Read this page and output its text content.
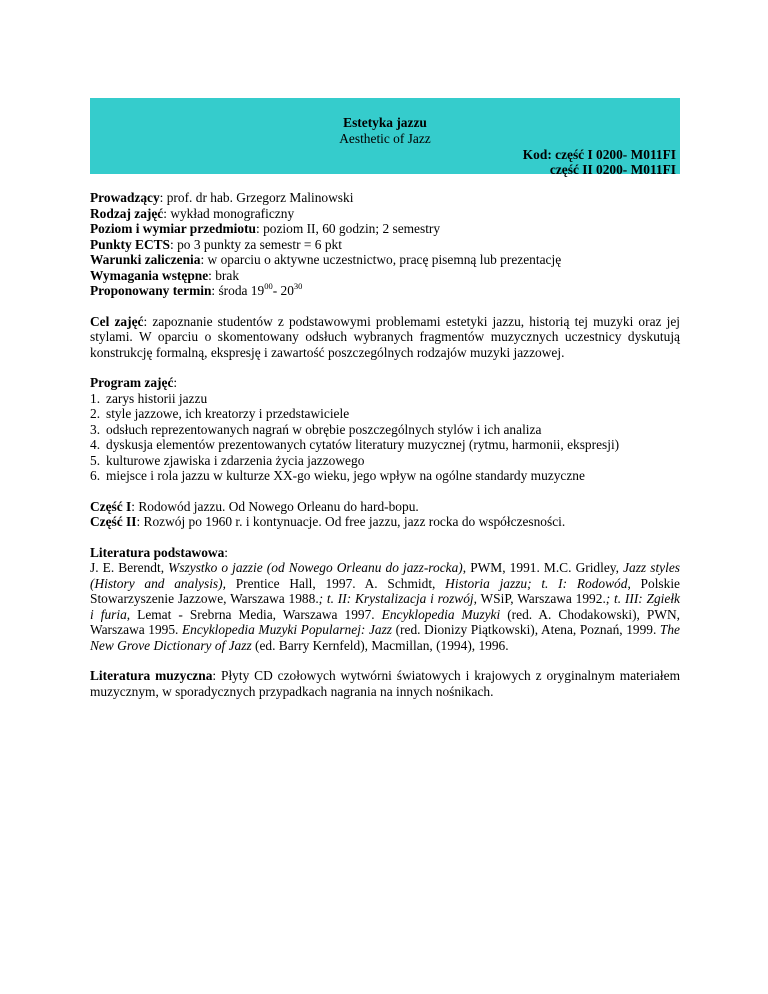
Estetyka jazzu
Aesthetic of Jazz
Kod: część I 0200- M011FI
część II 0200- M011FI
Prowadzący: prof. dr hab. Grzegorz Malinowski
Rodzaj zajęć: wykład monograficzny
Poziom i wymiar przedmiotu: poziom II, 60 godzin; 2 semestry
Punkty ECTS: po 3 punkty za semestr = 6 pkt
Warunki zaliczenia: w oparciu o aktywne uczestnictwo, pracę pisemną lub prezentację
Wymagania wstępne: brak
Proponowany termin: środa $19^{00}-$ $20^{30}$
Cel zajęć: zapoznanie studentów z podstawowymi problemami estetyki jazzu, historią tej muzyki oraz jej stylami. W oparciu o skomentowany odsłuch wybranych fragmentów muzycznych uczestnicy dyskutują konstrukcję formalną, ekspresję i zawartość poszczególnych rodzajów muzyki jazzowej.
Program zajęć:
1. zarys historii jazzu
2. style jazzowe, ich kreatorzy i przedstawiciele
3. odsłuch reprezentowanych nagrań w obrębie poszczególnych stylów i ich analiza
4. dyskusja elementów prezentowanych cytatów literatury muzycznej (rytmu, harmonii, ekspresji)
5. kulturowe zjawiska i zdarzenia życia jazzowego
6. miejsce i rola jazzu w kulturze XX-go wieku, jego wpływ na ogólne standardy muzyczne
Część I: Rodowód jazzu. Od Nowego Orleanu do hard-bopu.
Część II: Rozwój po 1960 r. i kontynuacje. Od free jazzu, jazz rocka do współczesności.
Literatura podstawowa:
J. E. Berendt, Wszystko o jazzie (od Nowego Orleanu do jazz-rocka), PWM, 1991. M.C. Gridley, Jazz styles (History and analysis), Prentice Hall, 1997. A. Schmidt, Historia jazzu; t. I: Rodowód, Polskie Stowarzyszenie Jazzowe, Warszawa 1988.; t. II: Krystalizacja i rozwój, WSiP, Warszawa 1992.; t. III: Zgiełk i furia, Lemat - Srebrna Media, Warszawa 1997. Encyklopedia Muzyki (red. A. Chodakowski), PWN, Warszawa 1995. Encyklopedia Muzyki Popularnej: Jazz (red. Dionizy Piątkowski), Atena, Poznań, 1999. The New Grove Dictionary of Jazz (ed. Barry Kernfeld), Macmillan, (1994), 1996.
Literatura muzyczna: Płyty CD czołowych wytwórni światowych i krajowych z oryginalnym materiałem muzycznym, w sporadycznych przypadkach nagrania na innych nośnikach.
